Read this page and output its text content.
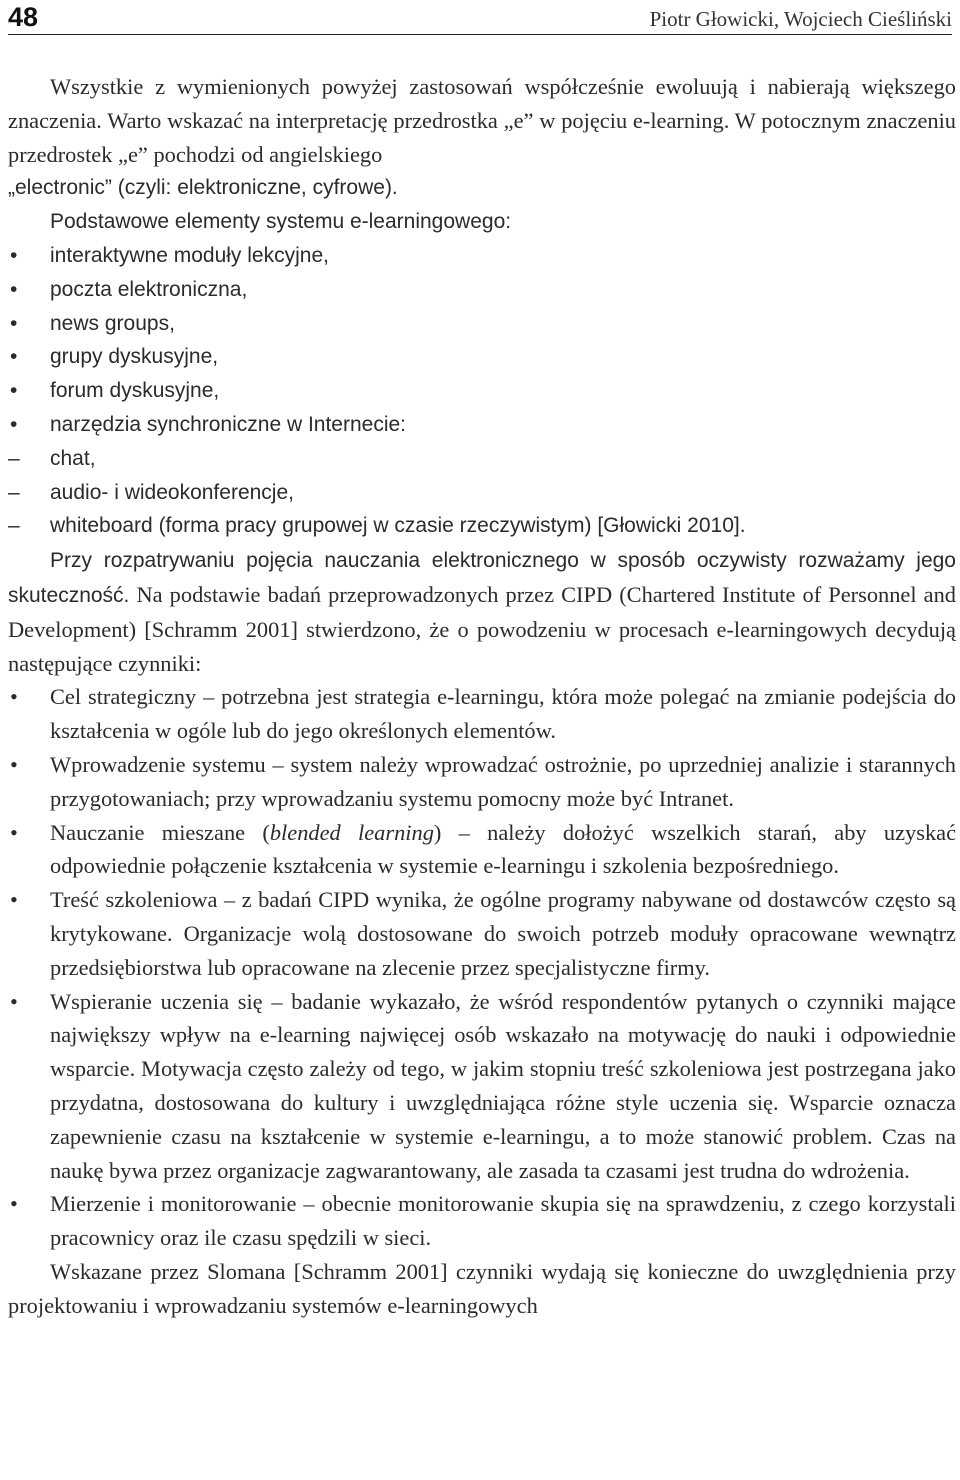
48	Piotr Głowicki, Wojciech Cieśliński

Wszystkie z wymienionych powyżej zastosowań współcześnie ewoluują i nabierają większego znaczenia. Warto wskazać na interpretację przedrostka „e” w pojęciu e-learning. W potocznym znaczeniu przedrostek „e” pochodzi od angielskiego

„electronic” (czyli: elektroniczne, cyfrowe).

Podstawowe elementy systemu e-learningowego:

interaktywne moduły lekcyjne,
poczta elektroniczna,
news groups,
grupy dyskusyjne,
forum dyskusyjne,
narzędzia synchroniczne w Internecie:
chat,
audio- i wideokonferencje,
whiteboard (forma pracy grupowej w czasie rzeczywistym) [Głowicki 2010].

Przy rozpatrywaniu pojęcia nauczania elektronicznego w sposób oczywisty rozważamy jego skuteczność. Na podstawie badań przeprowadzonych przez CIPD (Chartered Institute of Personnel and Development) [Schramm 2001] stwierdzono, że o powodzeniu w procesach e-learningowych decydują następujące czynniki:

Cel strategiczny – potrzebna jest strategia e-learningu, która może polegać na zmianie podejścia do kształcenia w ogóle lub do jego określonych elementów.
Wprowadzenie systemu – system należy wprowadzać ostrożnie, po uprzedniej analizie i starannych przygotowaniach; przy wprowadzaniu systemu pomocny może być Intranet.
Nauczanie mieszane (blended learning) – należy dołożyć wszelkich starań, aby uzyskać odpowiednie połączenie kształcenia w systemie e-learningu i szkolenia bezpośredniego.
Treść szkoleniowa – z badań CIPD wynika, że ogólne programy nabywane od dostawców często są krytykowane. Organizacje wolą dostosowane do swoich potrzeb moduły opracowane wewnątrz przedsiębiorstwa lub opracowane na zlecenie przez specjalistyczne firmy.
Wspieranie uczenia się – badanie wykazało, że wśród respondentów pytanych o czynniki mające największy wpływ na e-learning najwięcej osób wskazało na motywację do nauki i odpowiednie wsparcie. Motywacja często zależy od tego, w jakim stopniu treść szkoleniowa jest postrzegana jako przydatna, dostosowana do kultury i uwzględniająca różne style uczenia się. Wsparcie oznacza zapewnienie czasu na kształcenie w systemie e-learningu, a to może stanowić problem. Czas na naukę bywa przez organizacje zagwarantowany, ale zasada ta czasami jest trudna do wdrożenia.
Mierzenie i monitorowanie – obecnie monitorowanie skupia się na sprawdzeniu, z czego korzystali pracownicy oraz ile czasu spędzili w sieci.

Wskazane przez Slomana [Schramm 2001] czynniki wydają się konieczne do uwzględnienia przy projektowaniu i wprowadzaniu systemów e-learningowych
